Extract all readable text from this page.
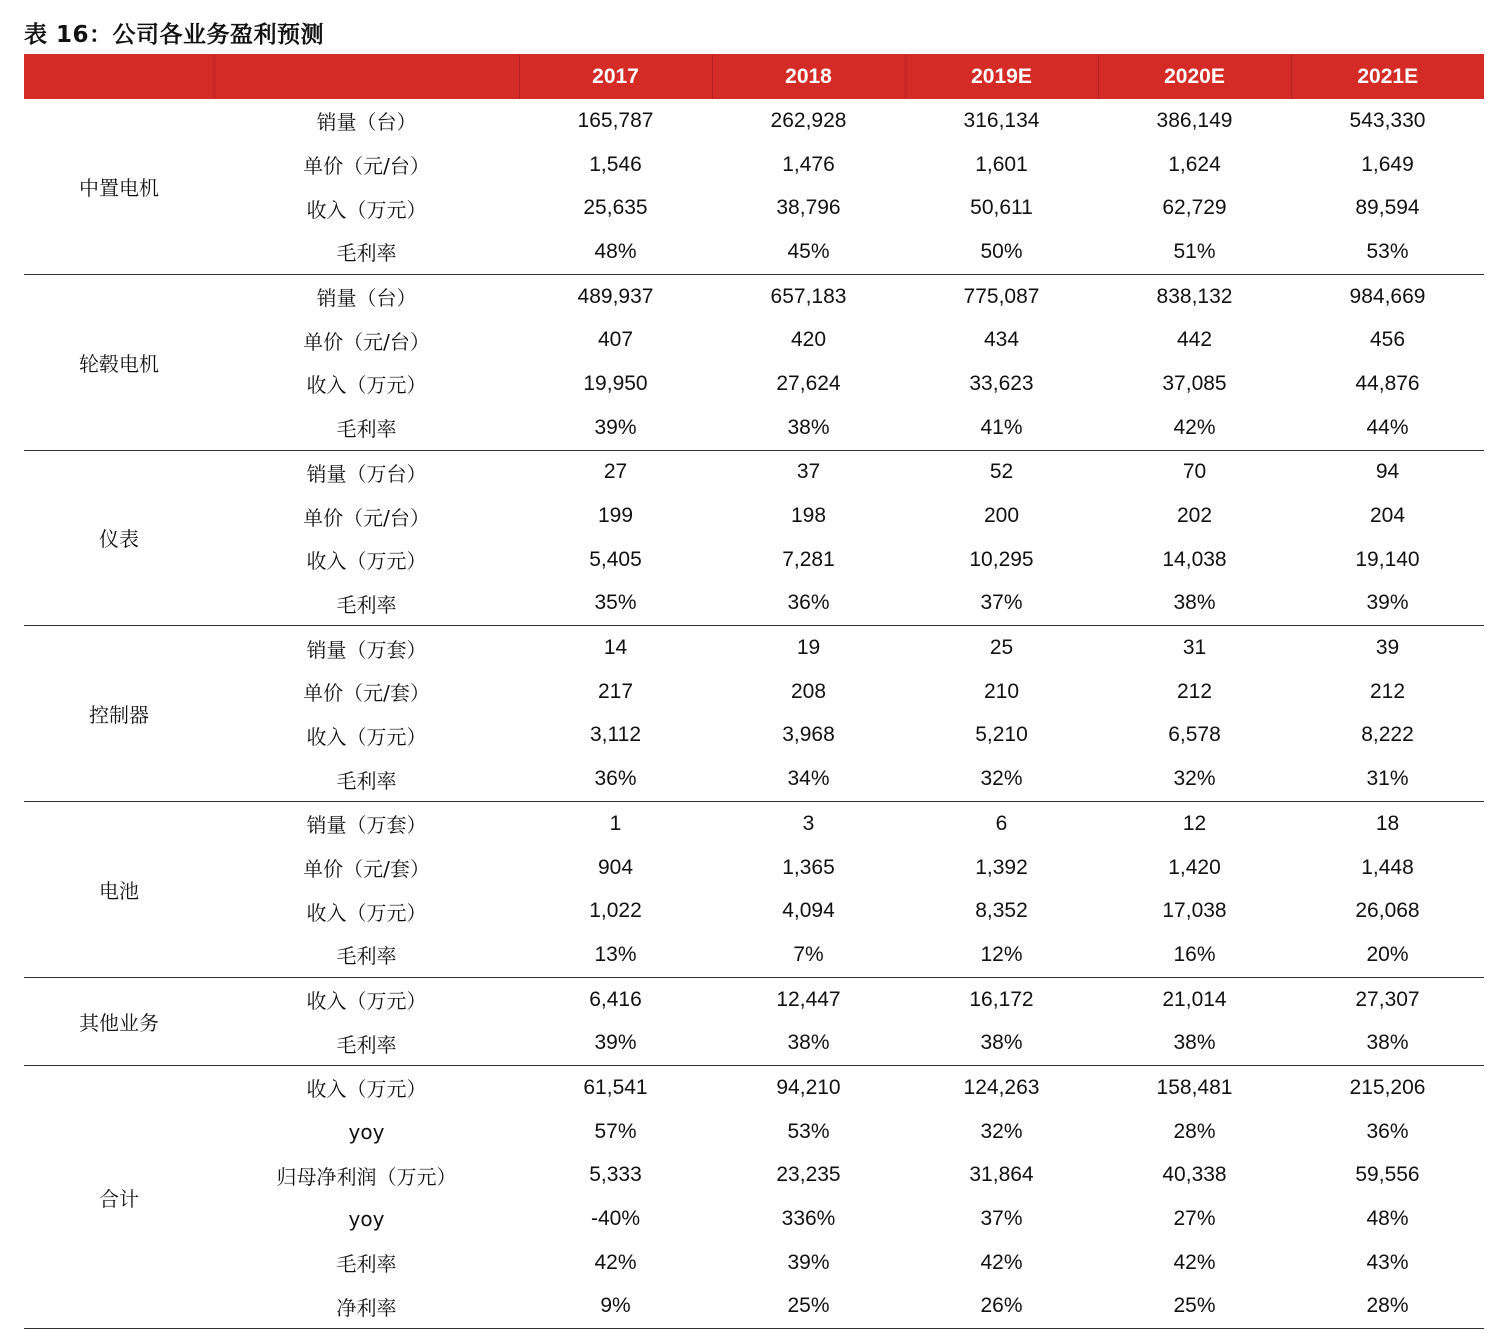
表 16：公司各业务盈利预测
		2017	2018	2019E	2020E	2021E
中置电机	销量（台）	165,787	262,928	316,134	386,149	543,330
	单价（元/台）	1,546	1,476	1,601	1,624	1,649
	收入（万元）	25,635	38,796	50,611	62,729	89,594
	毛利率	48%	45%	50%	51%	53%
轮毂电机	销量（台）	489,937	657,183	775,087	838,132	984,669
	单价（元/台）	407	420	434	442	456
	收入（万元）	19,950	27,624	33,623	37,085	44,876
	毛利率	39%	38%	41%	42%	44%
仪表	销量（万台）	27	37	52	70	94
	单价（元/台）	199	198	200	202	204
	收入（万元）	5,405	7,281	10,295	14,038	19,140
	毛利率	35%	36%	37%	38%	39%
控制器	销量（万套）	14	19	25	31	39
	单价（元/套）	217	208	210	212	212
	收入（万元）	3,112	3,968	5,210	6,578	8,222
	毛利率	36%	34%	32%	32%	31%
电池	销量（万套）	1	3	6	12	18
	单价（元/套）	904	1,365	1,392	1,420	1,448
	收入（万元）	1,022	4,094	8,352	17,038	26,068
	毛利率	13%	7%	12%	16%	20%
其他业务	收入（万元）	6,416	12,447	16,172	21,014	27,307
	毛利率	39%	38%	38%	38%	38%
合计	收入（万元）	61,541	94,210	124,263	158,481	215,206
	yoy	57%	53%	32%	28%	36%
	归母净利润（万元）	5,333	23,235	31,864	40,338	59,556
	yoy	-40%	336%	37%	27%	48%
	毛利率	42%	39%	42%	42%	43%
	净利率	9%	25%	26%	25%	28%
